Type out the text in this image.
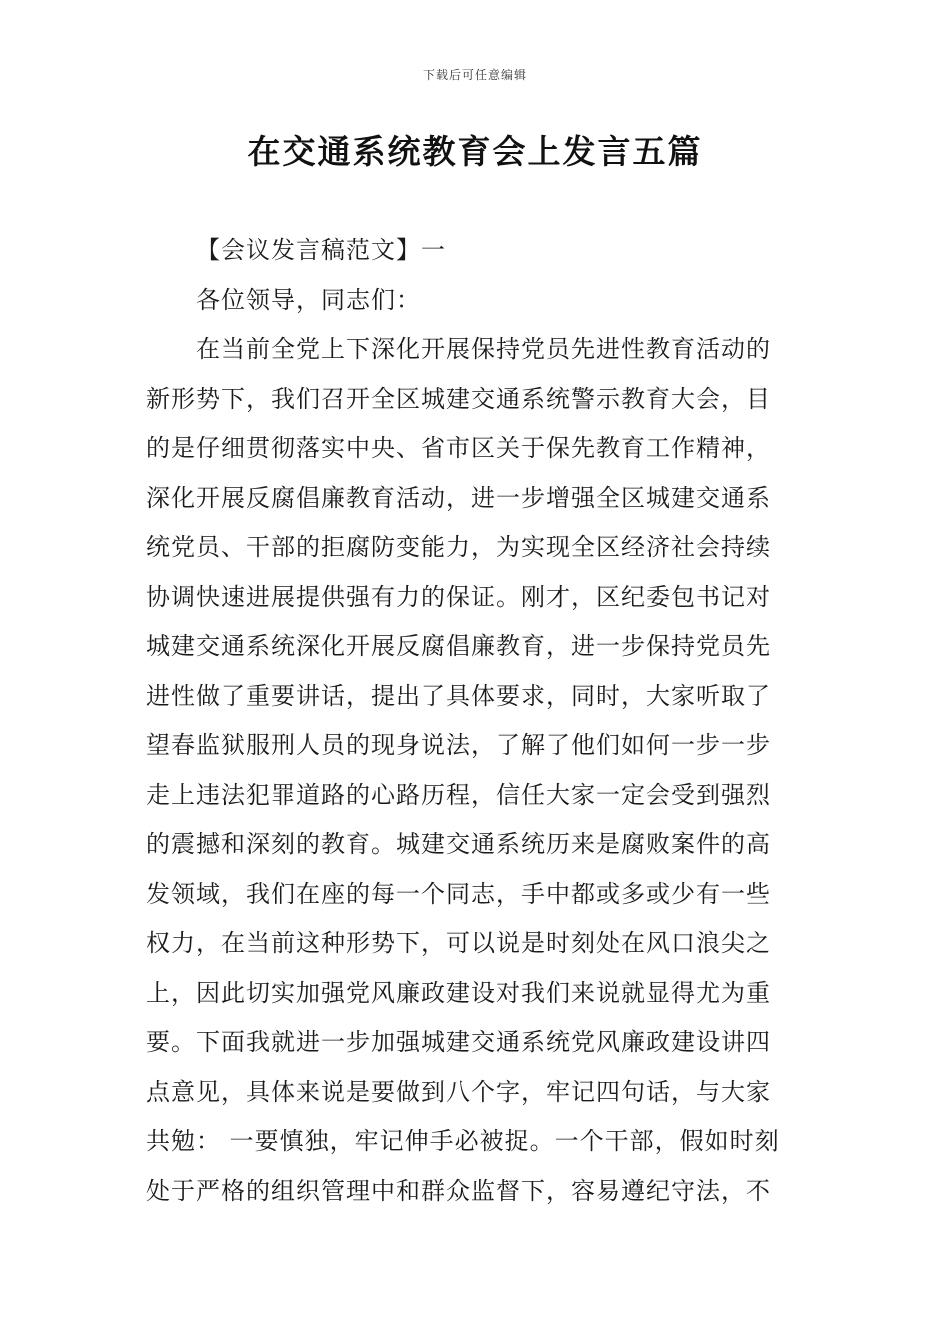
下载后可任意编辑
在交通系统教育会上发言五篇
【会议发言稿范文】一
各位领导，同志们：
在当前全党上下深化开展保持党员先进性教育活动的
新形势下，我们召开全区城建交通系统警示教育大会，目
的是仔细贯彻落实中央、省市区关于保先教育工作精神，
深化开展反腐倡廉教育活动，进一步增强全区城建交通系
统党员、干部的拒腐防变能力，为实现全区经济社会持续
协调快速进展提供强有力的保证。刚才，区纪委包书记对
城建交通系统深化开展反腐倡廉教育，进一步保持党员先
进性做了重要讲话，提出了具体要求，同时，大家听取了
望春监狱服刑人员的现身说法，了解了他们如何一步一步
走上违法犯罪道路的心路历程，信任大家一定会受到强烈
的震撼和深刻的教育。城建交通系统历来是腐败案件的高
发领域，我们在座的每一个同志，手中都或多或少有一些
权力，在当前这种形势下，可以说是时刻处在风口浪尖之
上，因此切实加强党风廉政建设对我们来说就显得尤为重
要。下面我就进一步加强城建交通系统党风廉政建设讲四
点意见，具体来说是要做到八个字，牢记四句话，与大家
共勉： 一要慎独，牢记伸手必被捉。一个干部，假如时刻
处于严格的组织管理中和群众监督下，容易遵纪守法，不
